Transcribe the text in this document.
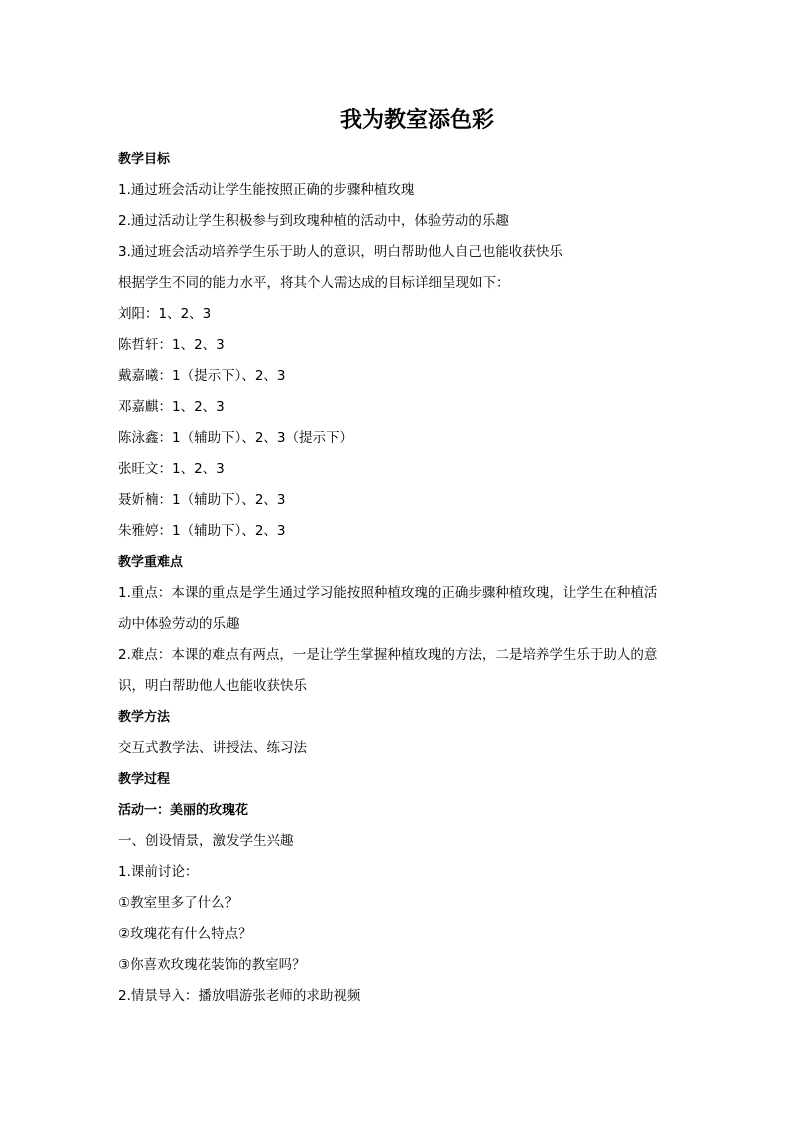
我为教室添色彩
教学目标
1.通过班会活动让学生能按照正确的步骤种植玫瑰
2.通过活动让学生积极参与到玫瑰种植的活动中，体验劳动的乐趣
3.通过班会活动培养学生乐于助人的意识，明白帮助他人自己也能收获快乐
根据学生不同的能力水平，将其个人需达成的目标详细呈现如下：
刘阳：1、2、3
陈哲轩：1、2、3
戴嘉曦：1（提示下）、2、3
邓嘉麒：1、2、3
陈泳鑫：1（辅助下）、2、3（提示下）
张旺文：1、2、3
聂妡楠：1（辅助下）、2、3
朱雅婷：1（辅助下）、2、3
教学重难点
1.重点：本课的重点是学生通过学习能按照种植玫瑰的正确步骤种植玫瑰，让学生在种植活
动中体验劳动的乐趣
2.难点：本课的难点有两点，一是让学生掌握种植玫瑰的方法，二是培养学生乐于助人的意
识，明白帮助他人也能收获快乐
教学方法
交互式教学法、讲授法、练习法
教学过程
活动一：美丽的玫瑰花
一、创设情景，激发学生兴趣
1.课前讨论：
①教室里多了什么？
②玫瑰花有什么特点？
③你喜欢玫瑰花装饰的教室吗？
2.情景导入：播放唱游张老师的求助视频
